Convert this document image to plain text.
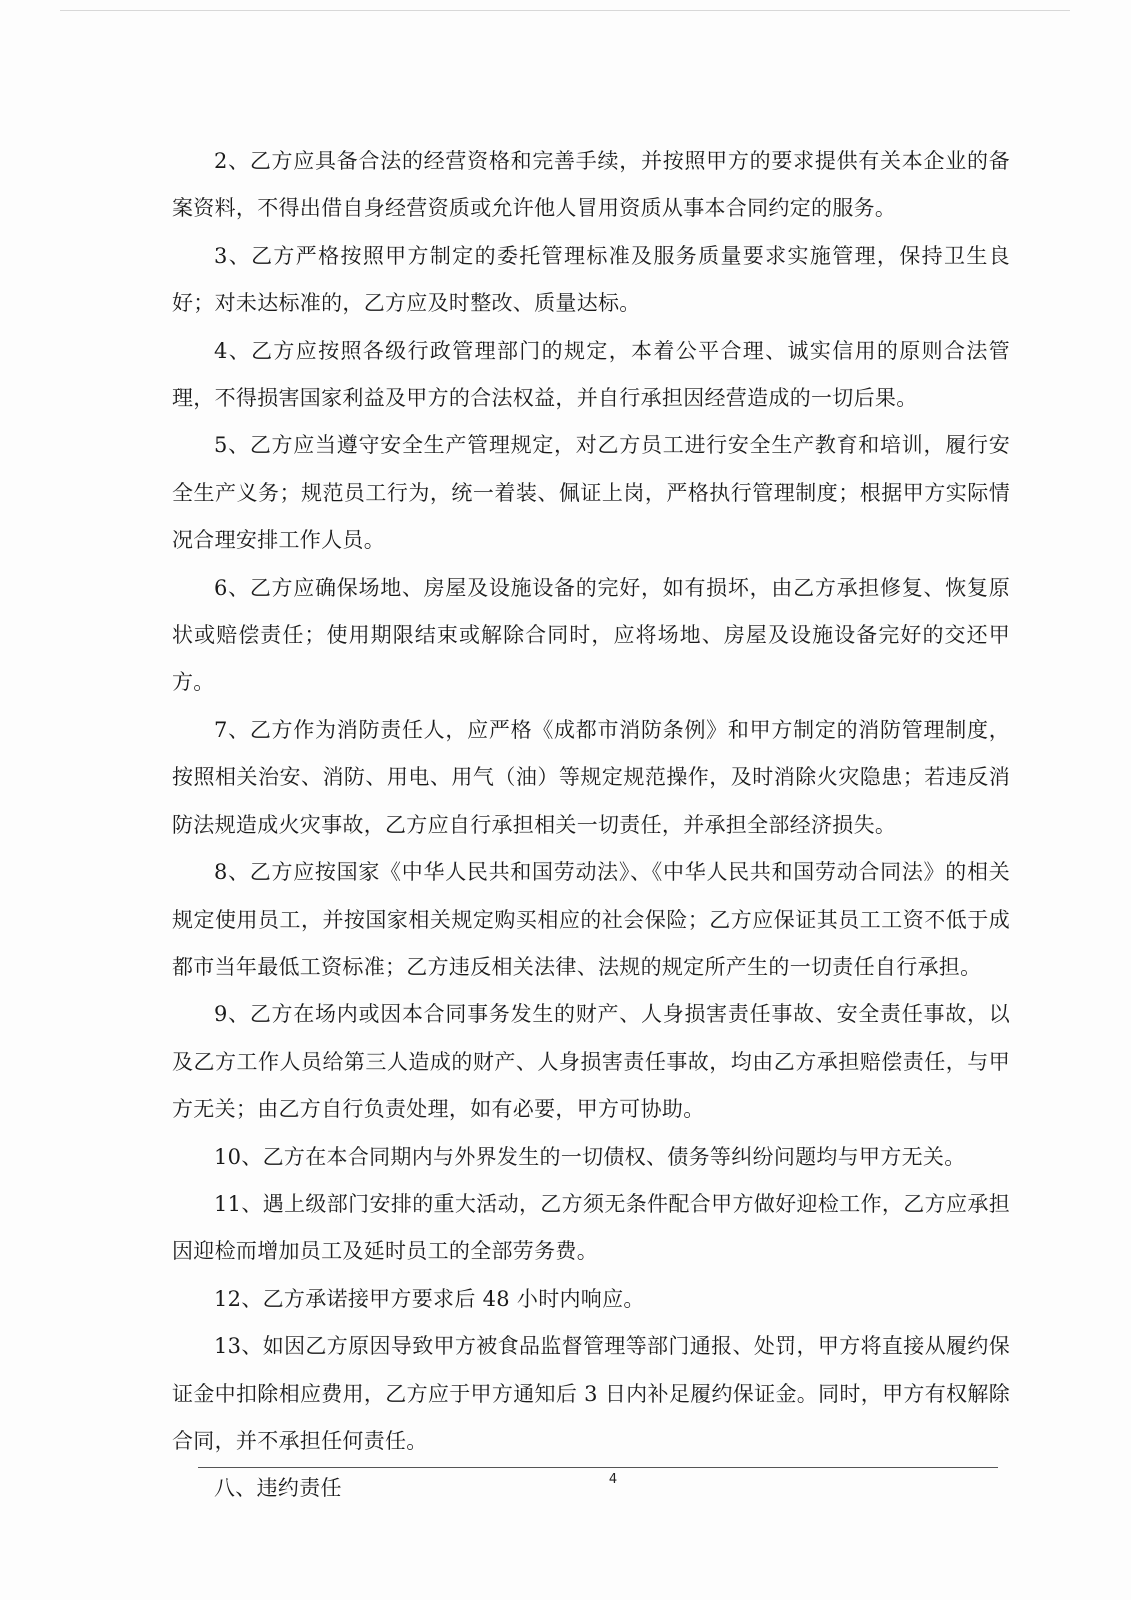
2、乙方应具备合法的经营资格和完善手续，并按照甲方的要求提供有关本企业的备案资料，不得出借自身经营资质或允许他人冒用资质从事本合同约定的服务。

3、乙方严格按照甲方制定的委托管理标准及服务质量要求实施管理，保持卫生良好；对未达标准的，乙方应及时整改、质量达标。

4、乙方应按照各级行政管理部门的规定，本着公平合理、诚实信用的原则合法管理，不得损害国家利益及甲方的合法权益，并自行承担因经营造成的一切后果。

5、乙方应当遵守安全生产管理规定，对乙方员工进行安全生产教育和培训，履行安全生产义务；规范员工行为，统一着装、佩证上岗，严格执行管理制度；根据甲方实际情况合理安排工作人员。

6、乙方应确保场地、房屋及设施设备的完好，如有损坏，由乙方承担修复、恢复原状或赔偿责任；使用期限结束或解除合同时，应将场地、房屋及设施设备完好的交还甲方。

7、乙方作为消防责任人，应严格《成都市消防条例》和甲方制定的消防管理制度，按照相关治安、消防、用电、用气（油）等规定规范操作，及时消除火灾隐患；若违反消防法规造成火灾事故，乙方应自行承担相关一切责任，并承担全部经济损失。

8、乙方应按国家《中华人民共和国劳动法》、《中华人民共和国劳动合同法》的相关规定使用员工，并按国家相关规定购买相应的社会保险；乙方应保证其员工工资不低于成都市当年最低工资标准；乙方违反相关法律、法规的规定所产生的一切责任自行承担。

9、乙方在场内或因本合同事务发生的财产、人身损害责任事故、安全责任事故，以及乙方工作人员给第三人造成的财产、人身损害责任事故，均由乙方承担赔偿责任，与甲方无关；由乙方自行负责处理，如有必要，甲方可协助。

10、乙方在本合同期内与外界发生的一切债权、债务等纠纷问题均与甲方无关。

11、遇上级部门安排的重大活动，乙方须无条件配合甲方做好迎检工作，乙方应承担因迎检而增加员工及延时员工的全部劳务费。

12、乙方承诺接甲方要求后 48 小时内响应。

13、如因乙方原因导致甲方被食品监督管理等部门通报、处罚，甲方将直接从履约保证金中扣除相应费用，乙方应于甲方通知后 3 日内补足履约保证金。同时，甲方有权解除合同，并不承担任何责任。

八、违约责任	4
